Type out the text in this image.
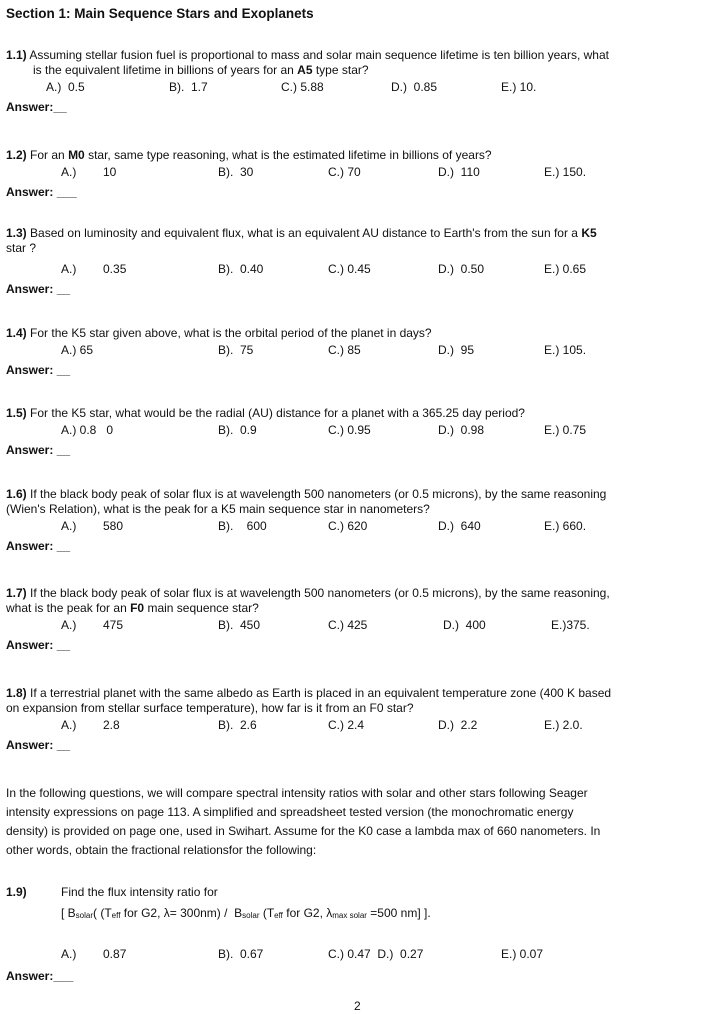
Section 1: Main Sequence Stars and Exoplanets

1.1) Assuming stellar fusion fuel is proportional to mass and solar main sequence lifetime is ten billion years, what

is the equivalent lifetime in billions of years for an A5 type star?

A.)  0.5	B).  1.7	C.) 5.88	D.)  0.85	E.) 10.
Answer:__

1.2) For an M0 star, same type reasoning, what is the estimated lifetime in billions of years?

A.)        10	B).  30	C.) 70	D.)  110	E.) 150.
Answer: ___

1.3) Based on luminosity and equivalent flux, what is an equivalent AU distance to Earth's from the sun for a K5

star ?

A.)        0.35	B).  0.40	C.) 0.45	D.)  0.50	E.) 0.65
Answer: __

1.4) For the K5 star given above, what is the orbital period of the planet in days?

A.) 65	B).  75	C.) 85	D.)  95	E.) 105.
Answer: __

1.5) For the K5 star, what would be the radial (AU) distance for a planet with a 365.25 day period?

A.) 0.8   0	B).  0.9	C.) 0.95	D.)  0.98	E.) 0.75
Answer: __

1.6) If the black body peak of solar flux is at wavelength 500 nanometers (or 0.5 microns), by the same reasoning

(Wien's Relation), what is the peak for a K5 main sequence star in nanometers?

A.)        580	B).    600	C.) 620	D.)  640	E.) 660.
Answer: __

1.7) If the black body peak of solar flux is at wavelength 500 nanometers (or 0.5 microns), by the same reasoning,

what is the peak for an F0 main sequence star?

A.)        475	B).  450	C.) 425	D.)  400	E.)375.
Answer: __

1.8) If a terrestrial planet with the same albedo as Earth is placed in an equivalent temperature zone (400 K based

on expansion from stellar surface temperature), how far is it from an F0 star?

A.)        2.8	B).  2.6	C.) 2.4	D.)  2.2	E.) 2.0.
Answer: __
In the following questions, we will compare spectral intensity ratios with solar and other stars following Seager
intensity expressions on page 113. A simplified and spreadsheet tested version (the monochromatic energy
density) is provided on page one, used in Swihart. Assume for the K0 case a lambda max of 660 nanometers. In
other words, obtain the fractional relationsfor the following:
1.9)	Find the flux intensity ratio for
[ Bsolar( (Teff for G2, λ= 300nm) /  Bsolar (Teff for G2, λmax solar =500 nm] ].
A.)        0.87	B).  0.67	C.) 0.47  D.)  0.27	E.) 0.07
Answer:___
2
